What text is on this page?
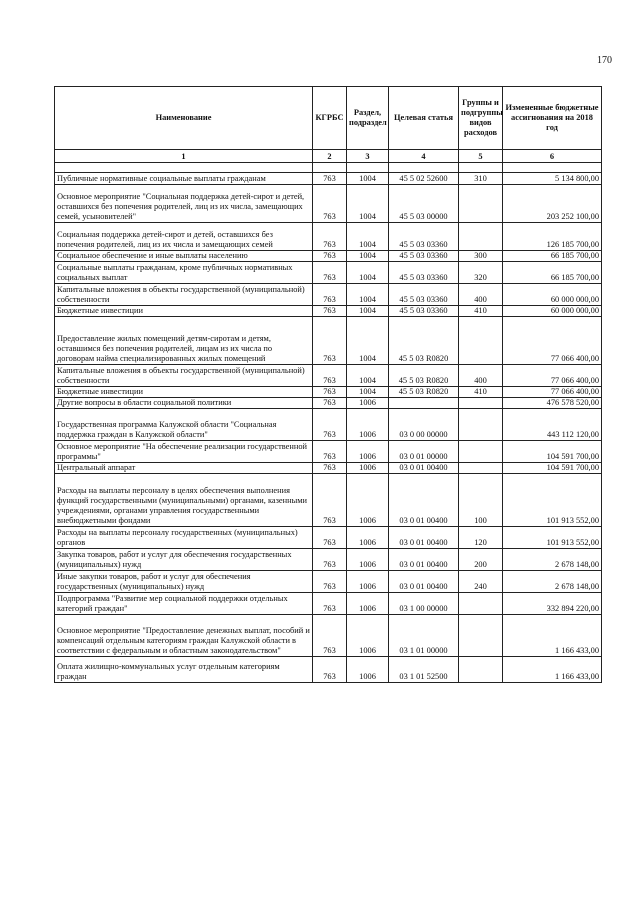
170
Наименование	КГРБС	Раздел, подраздел	Целевая статья	Группы и подгруппы видов расходов	Измененные бюджетные ассигнования на 2018 год
1	2	3	4	5	6

Публичные нормативные социальные выплаты гражданам	763	1004	45 5 02 52600	310	5 134 800,00
Основное мероприятие "Социальная поддержка детей-сирот и детей, оставшихся без попечения родителей, лиц из их числа, замещающих семей, усыновителей"	763	1004	45 5 03 00000		203 252 100,00
Социальная поддержка детей-сирот и детей, оставшихся без попечения родителей, лиц из их числа и замещающих семей	763	1004	45 5 03 03360		126 185 700,00
Социальное обеспечение и иные выплаты населению	763	1004	45 5 03 03360	300	66 185 700,00
Социальные выплаты гражданам, кроме публичных нормативных социальных выплат	763	1004	45 5 03 03360	320	66 185 700,00
Капитальные вложения в объекты государственной (муниципальной) собственности	763	1004	45 5 03 03360	400	60 000 000,00
Бюджетные инвестиции	763	1004	45 5 03 03360	410	60 000 000,00
Предоставление жилых помещений детям-сиротам и детям, оставшимся без попечения родителей, лицам из их числа по договорам найма специализированных жилых помещений	763	1004	45 5 03 R0820		77 066 400,00
Капитальные вложения в объекты государственной (муниципальной) собственности	763	1004	45 5 03 R0820	400	77 066 400,00
Бюджетные инвестиции	763	1004	45 5 03 R0820	410	77 066 400,00
Другие вопросы в области социальной политики	763	1006			476 578 520,00
Государственная программа Калужской области "Социальная поддержка граждан в Калужской области"	763	1006	03 0 00 00000		443 112 120,00
Основное мероприятие "На обеспечение реализации государственной программы"	763	1006	03 0 01 00000		104 591 700,00
Центральный аппарат	763	1006	03 0 01 00400		104 591 700,00
Расходы на выплаты персоналу в целях обеспечения выполнения функций государственными (муниципальными) органами, казенными учреждениями, органами управления государственными внебюджетными фондами	763	1006	03 0 01 00400	100	101 913 552,00
Расходы на выплаты персоналу государственных (муниципальных) органов	763	1006	03 0 01 00400	120	101 913 552,00
Закупка товаров, работ и услуг для обеспечения государственных (муниципальных) нужд	763	1006	03 0 01 00400	200	2 678 148,00
Иные закупки товаров, работ и услуг для обеспечения государственных (муниципальных) нужд	763	1006	03 0 01 00400	240	2 678 148,00
Подпрограмма "Развитие мер социальной поддержки отдельных категорий граждан"	763	1006	03 1 00 00000		332 894 220,00
Основное мероприятие "Предоставление денежных выплат, пособий и компенсаций отдельным категориям граждан Калужской области в соответствии с федеральным и областным законодательством"	763	1006	03 1 01 00000		1 166 433,00
Оплата жилищно-коммунальных услуг отдельным категориям граждан	763	1006	03 1 01 52500		1 166 433,00
